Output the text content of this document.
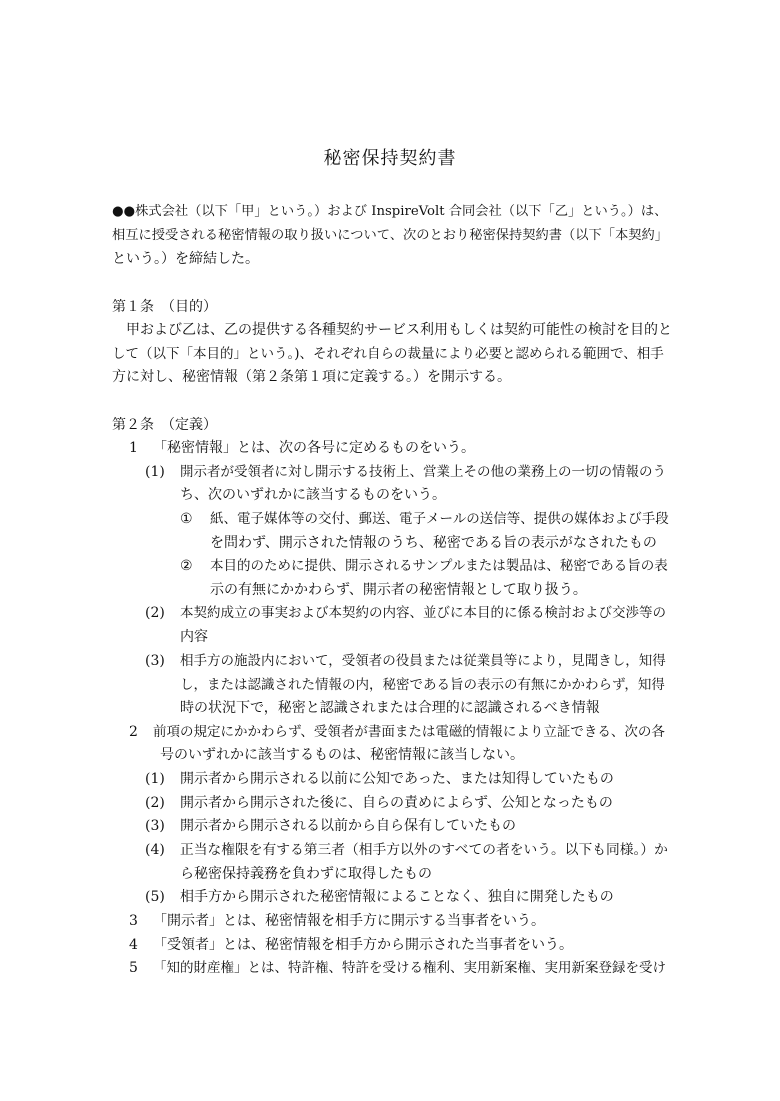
秘密保持契約書
●●株式会社（以下「甲」という。）および InspireVolt 合同会社（以下「乙」という。）は、
相互に授受される秘密情報の取り扱いについて、次のとおり秘密保持契約書（以下「本契約」
という。）を締結した。
第１条　（目的）
甲および乙は、乙の提供する各種契約サービス利用もしくは契約可能性の検討を目的と
して（以下「本目的」という。)、それぞれ自らの裁量により必要と認められる範囲で、相手
方に対し、秘密情報（第２条第１項に定義する。）を開示する。
第２条　（定義）
1 「秘密情報」とは、次の各号に定めるものをいう。
(1) 開示者が受領者に対し開示する技術上、営業上その他の業務上の一切の情報のう
ち、次のいずれかに該当するものをいう。
① 紙、電子媒体等の交付、郵送、電子メールの送信等、提供の媒体および手段
を問わず、開示された情報のうち、秘密である旨の表示がなされたもの
② 本目的のために提供、開示されるサンプルまたは製品は、秘密である旨の表
示の有無にかかわらず、開示者の秘密情報として取り扱う。
(2) 本契約成立の事実および本契約の内容、並びに本目的に係る検討および交渉等の
内容
(3) 相手方の施設内において，受領者の役員または従業員等により，見聞きし，知得
し，または認識された情報の内，秘密である旨の表示の有無にかかわらず，知得
時の状況下で，秘密と認識されまたは合理的に認識されるべき情報
2 前項の規定にかかわらず、受領者が書面または電磁的情報により立証できる、次の各
号のいずれかに該当するものは、秘密情報に該当しない。
(1) 開示者から開示される以前に公知であった、または知得していたもの
(2) 開示者から開示された後に、自らの責めによらず、公知となったもの
(3) 開示者から開示される以前から自ら保有していたもの
(4) 正当な権限を有する第三者（相手方以外のすべての者をいう。以下も同様。）か
ら秘密保持義務を負わずに取得したもの
(5) 相手方から開示された秘密情報によることなく、独自に開発したもの
3 「開示者」とは、秘密情報を相手方に開示する当事者をいう。
4 「受領者」とは、秘密情報を相手方から開示された当事者をいう。
5 「知的財産権」とは、特許権、特許を受ける権利、実用新案権、実用新案登録を受け
